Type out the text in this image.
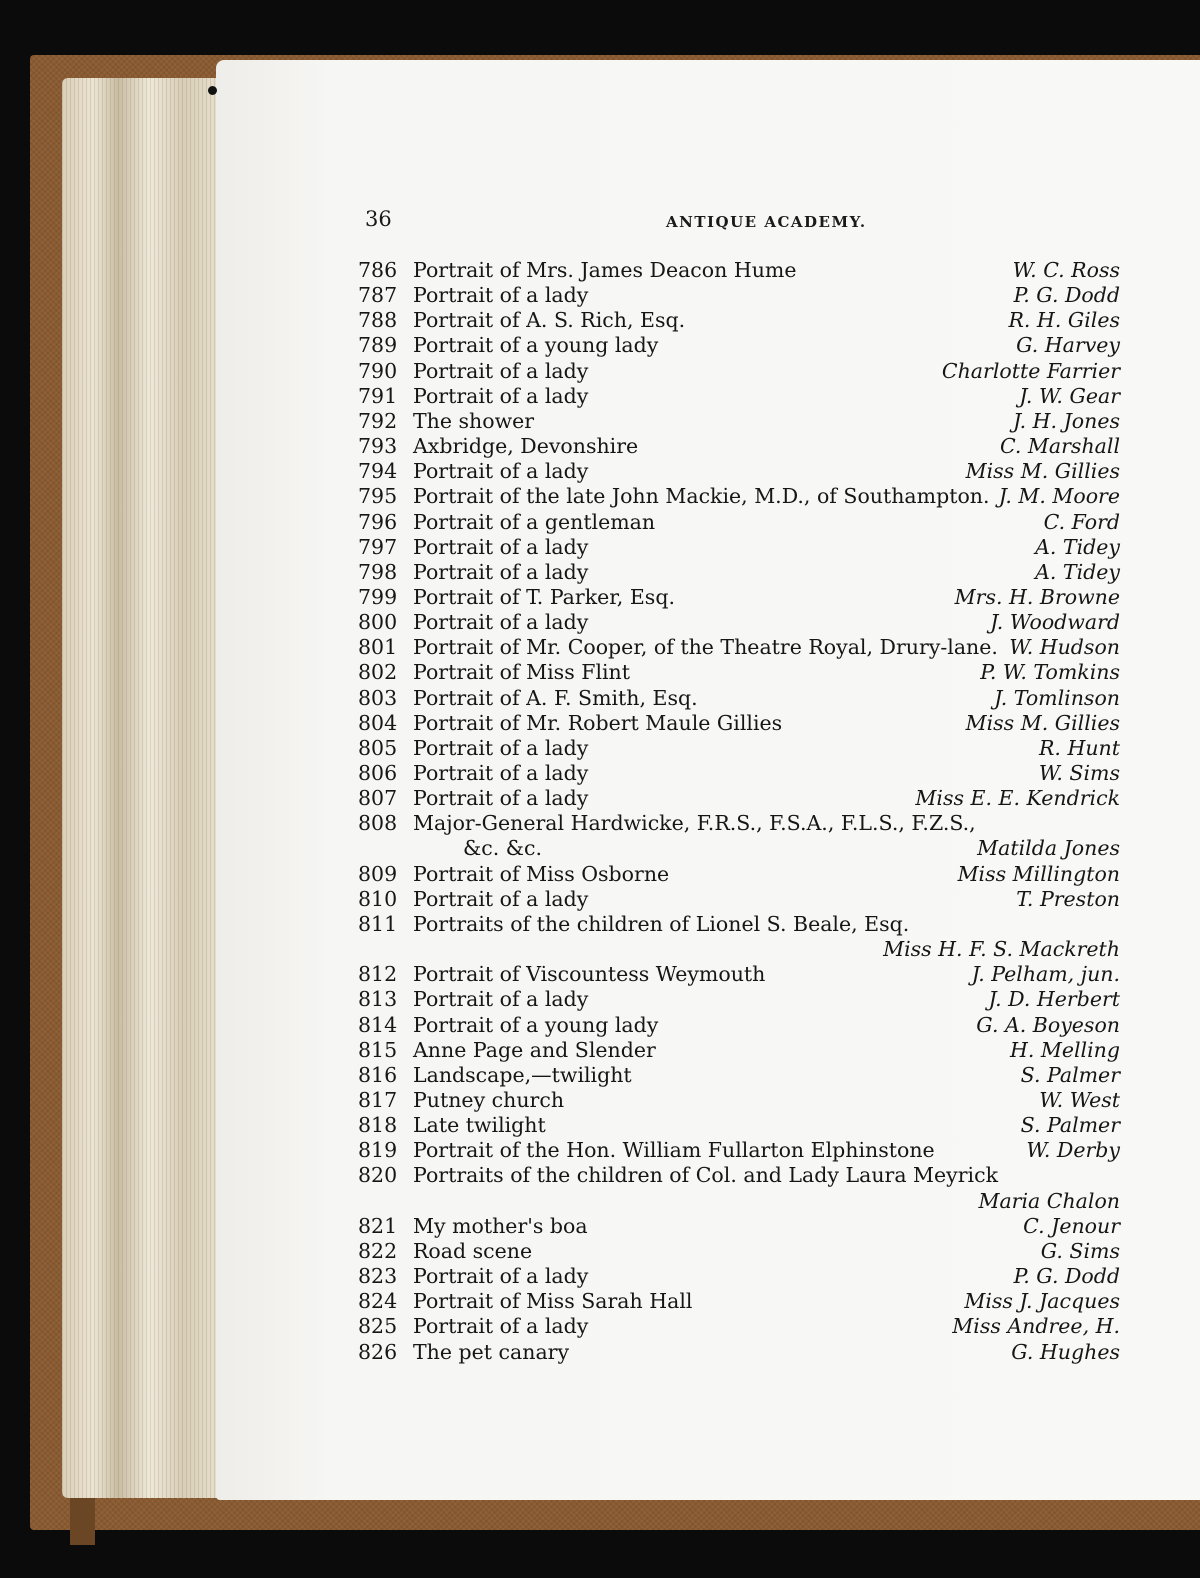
36	ANTIQUE ACADEMY.
786 Portrait of Mrs. James Deacon Hume	W. C. Ross
787 Portrait of a lady	P. G. Dodd
788 Portrait of A. S. Rich, Esq.	R. H. Giles
789 Portrait of a young lady	G. Harvey
790 Portrait of a lady	Charlotte Farrier
791 Portrait of a lady	J. W. Gear
792 The shower	J. H. Jones
793 Axbridge, Devonshire	C. Marshall
794 Portrait of a lady	Miss M. Gillies
795 Portrait of the late John Mackie, M.D., of Southampton. J. M. Moore
796 Portrait of a gentleman	C. Ford
797 Portrait of a lady	A. Tidey
798 Portrait of a lady	A. Tidey
799 Portrait of T. Parker, Esq.	Mrs. H. Browne
800 Portrait of a lady	J. Woodward
801 Portrait of Mr. Cooper, of the Theatre Royal, Drury-lane. W. Hudson
802 Portrait of Miss Flint	P. W. Tomkins
803 Portrait of A. F. Smith, Esq.	J. Tomlinson
804 Portrait of Mr. Robert Maule Gillies	Miss M. Gillies
805 Portrait of a lady	R. Hunt
806 Portrait of a lady	W. Sims
807 Portrait of a lady	Miss E. E. Kendrick
808 Major-General Hardwicke, F.R.S., F.S.A., F.L.S., F.Z.S.,
&c. &c.	Matilda Jones
809 Portrait of Miss Osborne	Miss Millington
810 Portrait of a lady	T. Preston
811 Portraits of the children of Lionel S. Beale, Esq.
Miss H. F. S. Mackreth
812 Portrait of Viscountess Weymouth	J. Pelham, jun.
813 Portrait of a lady	J. D. Herbert
814 Portrait of a young lady	G. A. Boyeson
815 Anne Page and Slender	H. Melling
816 Landscape,—twilight	S. Palmer
817 Putney church	W. West
818 Late twilight	S. Palmer
819 Portrait of the Hon. William Fullarton Elphinstone	W. Derby
820 Portraits of the children of Col. and Lady Laura Meyrick
Maria Chalon
821 My mother's boa	C. Jenour
822 Road scene	G. Sims
823 Portrait of a lady	P. G. Dodd
824 Portrait of Miss Sarah Hall	Miss J. Jacques
825 Portrait of a lady	Miss Andree, H.
826 The pet canary	G. Hughes
